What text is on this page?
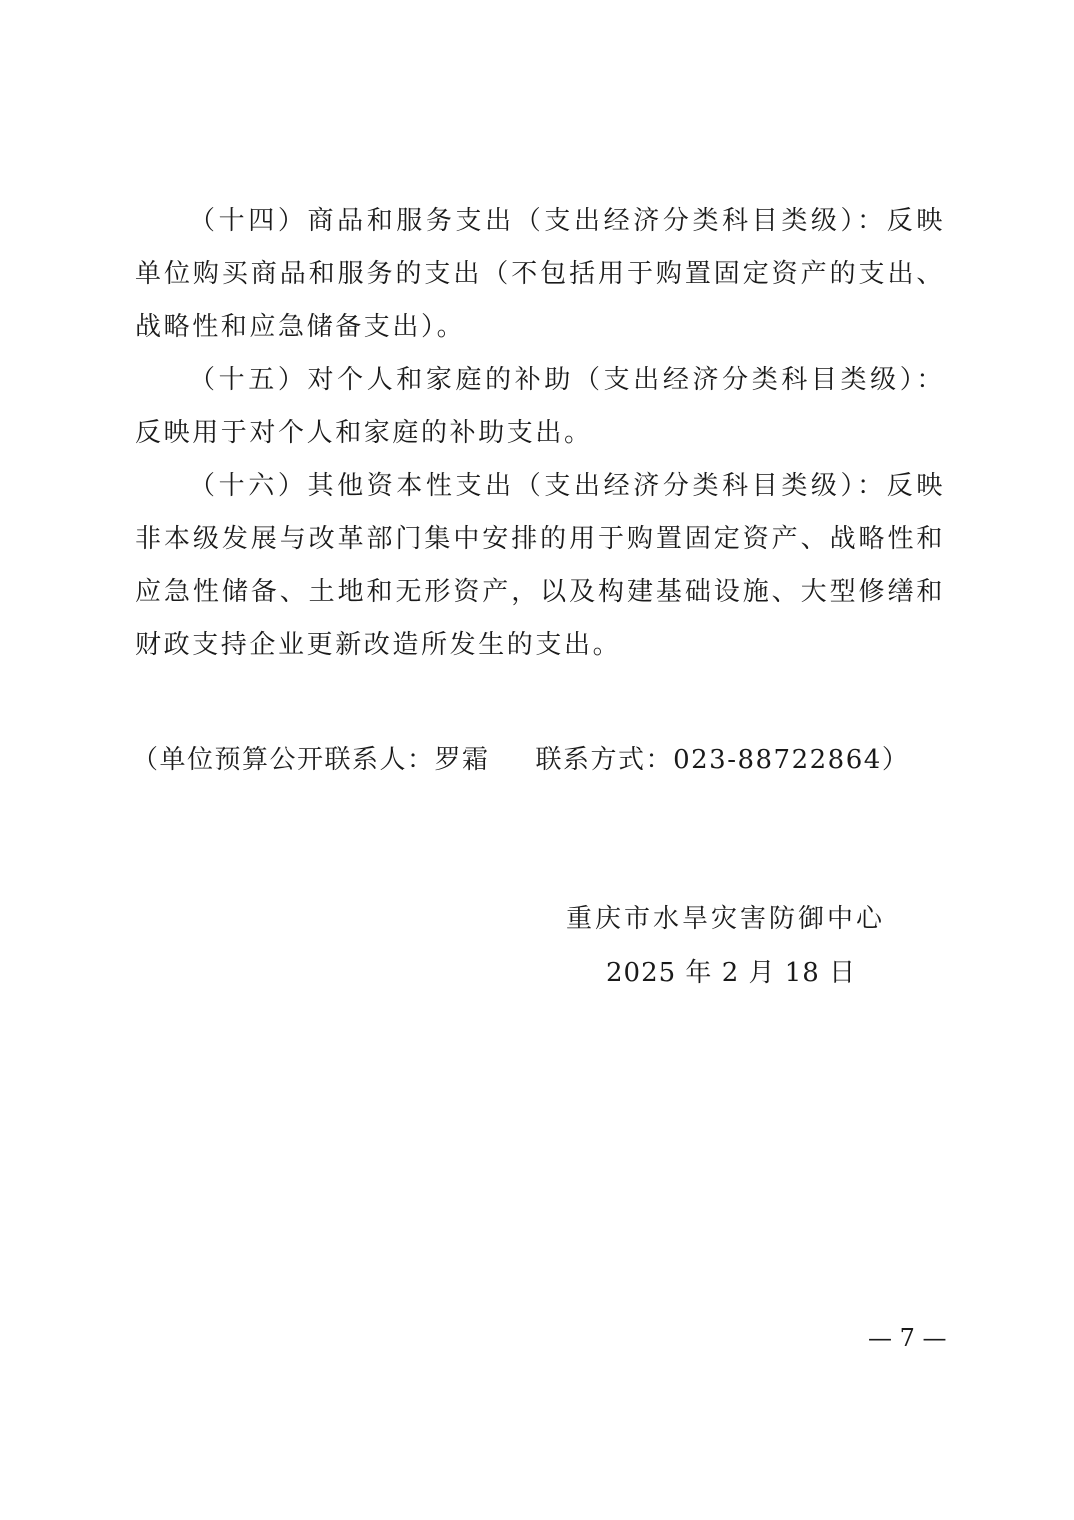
（十四）商品和服务支出（支出经济分类科目类级）：反映单位购买商品和服务的支出（不包括用于购置固定资产的支出、战略性和应急储备支出）。

（十五）对个人和家庭的补助（支出经济分类科目类级）：反映用于对个人和家庭的补助支出。

（十六）其他资本性支出（支出经济分类科目类级）：反映非本级发展与改革部门集中安排的用于购置固定资产、战略性和应急性储备、土地和无形资产，以及构建基础设施、大型修缮和财政支持企业更新改造所发生的支出。

（单位预算公开联系人：罗霜 联系方式：023-88722864）
重庆市水旱灾害防御中心
2025 年 2 月 18 日
— 7 —
